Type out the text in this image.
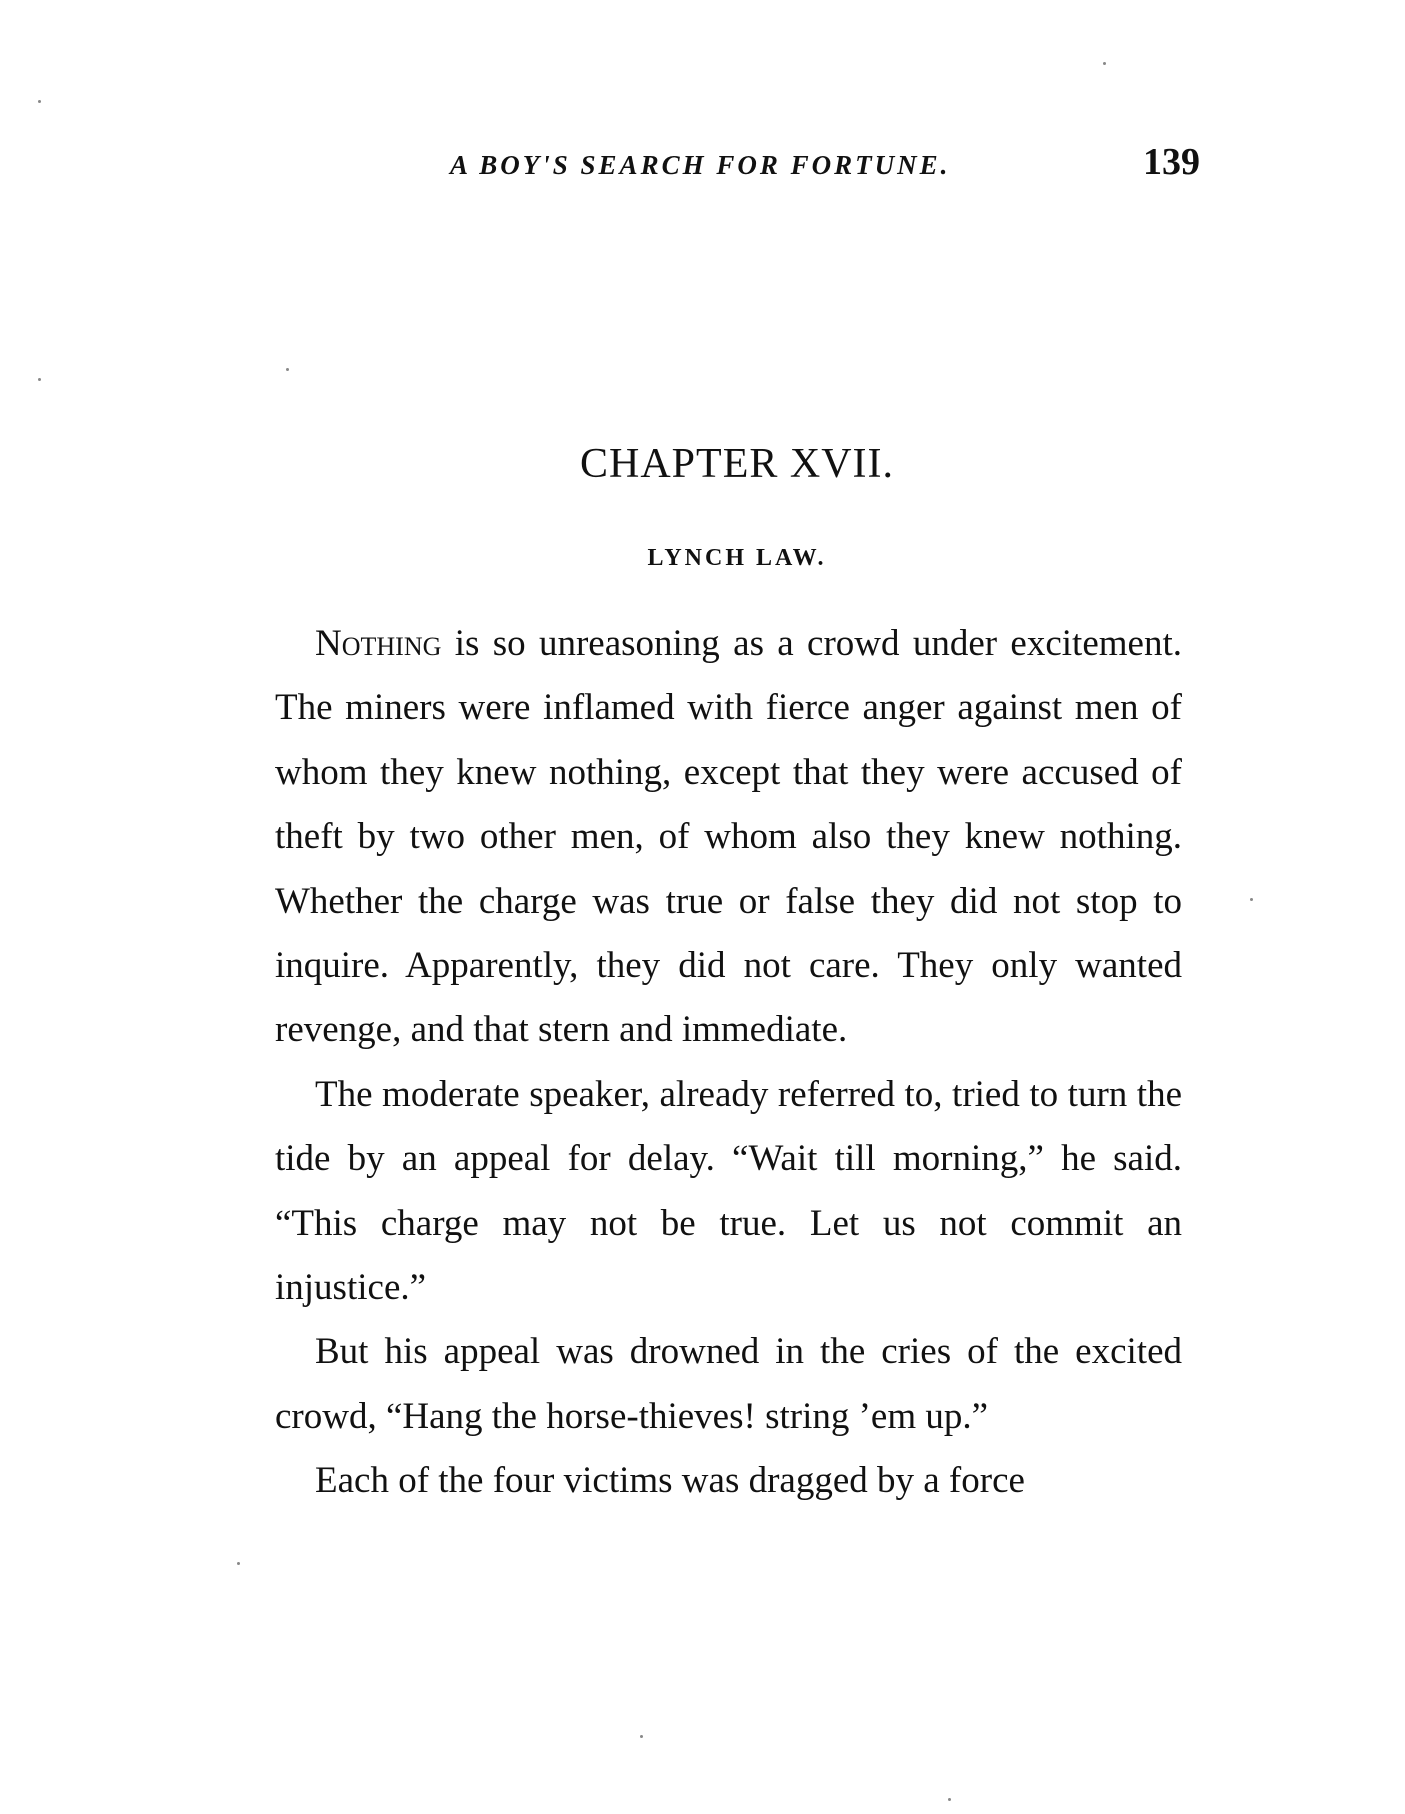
A BOY'S SEARCH FOR FORTUNE.	139
CHAPTER XVII.
LYNCH LAW.

Nothing is so unreasoning as a crowd under excitement. The miners were inflamed with fierce anger against men of whom they knew nothing, except that they were accused of theft by two other men, of whom also they knew nothing. Whether the charge was true or false they did not stop to inquire. Apparently, they did not care. They only wanted revenge, and that stern and immediate.

The moderate speaker, already referred to, tried to turn the tide by an appeal for delay. “Wait till morning,” he said. “This charge may not be true. Let us not commit an injustice.”

But his appeal was drowned in the cries of the excited crowd, “Hang the horse-thieves! string ’em up.”

Each of the four victims was dragged by a force
